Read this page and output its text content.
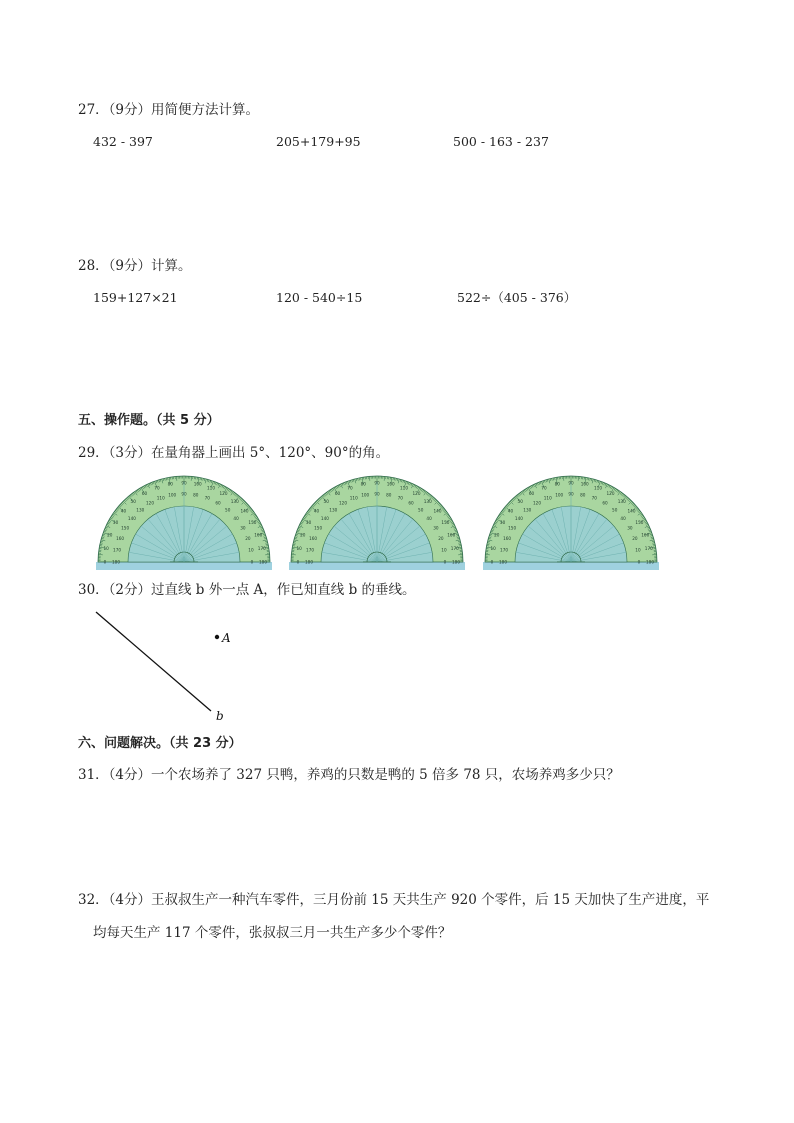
27．（9分）用简便方法计算。
432 - 397	205+179+95	500 - 163 - 237
28．（9分）计算。
159+127×21	120 - 540÷15	522÷（405 - 376）
五、操作题。（共 5 分）
29．（3分）在量角器上画出 5°、120°、90°的角。
0
10
20
30
40
50
60
70
80 90 100
110
120
130
140
150
160
170
180
180
170
160
150
140
130
120
110
100 90 80
70
60
50
40
30
20
10
0	0
10
20
30
40
50
60
70
80 90 100
110
120
130
140
150
160
170
180
180
170
160
150
140
130
120
110
100 90 80
70
60
50
40
30
20
10
0	0
10
20
30
40
50
60
70
80 90 100
110
120
130
140
150
160
170
180
180
170
160
150
140
130
120
110
100 90 80
70
60
50
40
30
20
10
0
30．（2分）过直线 b 外一点 A，作已知直线 b 的垂线。
A
b
六、问题解决。（共 23 分）
31．（4分）一个农场养了 327 只鸭，养鸡的只数是鸭的 5 倍多 78 只，农场养鸡多少只？
32．（4分）王叔叔生产一种汽车零件，三月份前 15 天共生产 920 个零件，后 15 天加快了生产进度，平
均每天生产 117 个零件，张叔叔三月一共生产多少个零件？
